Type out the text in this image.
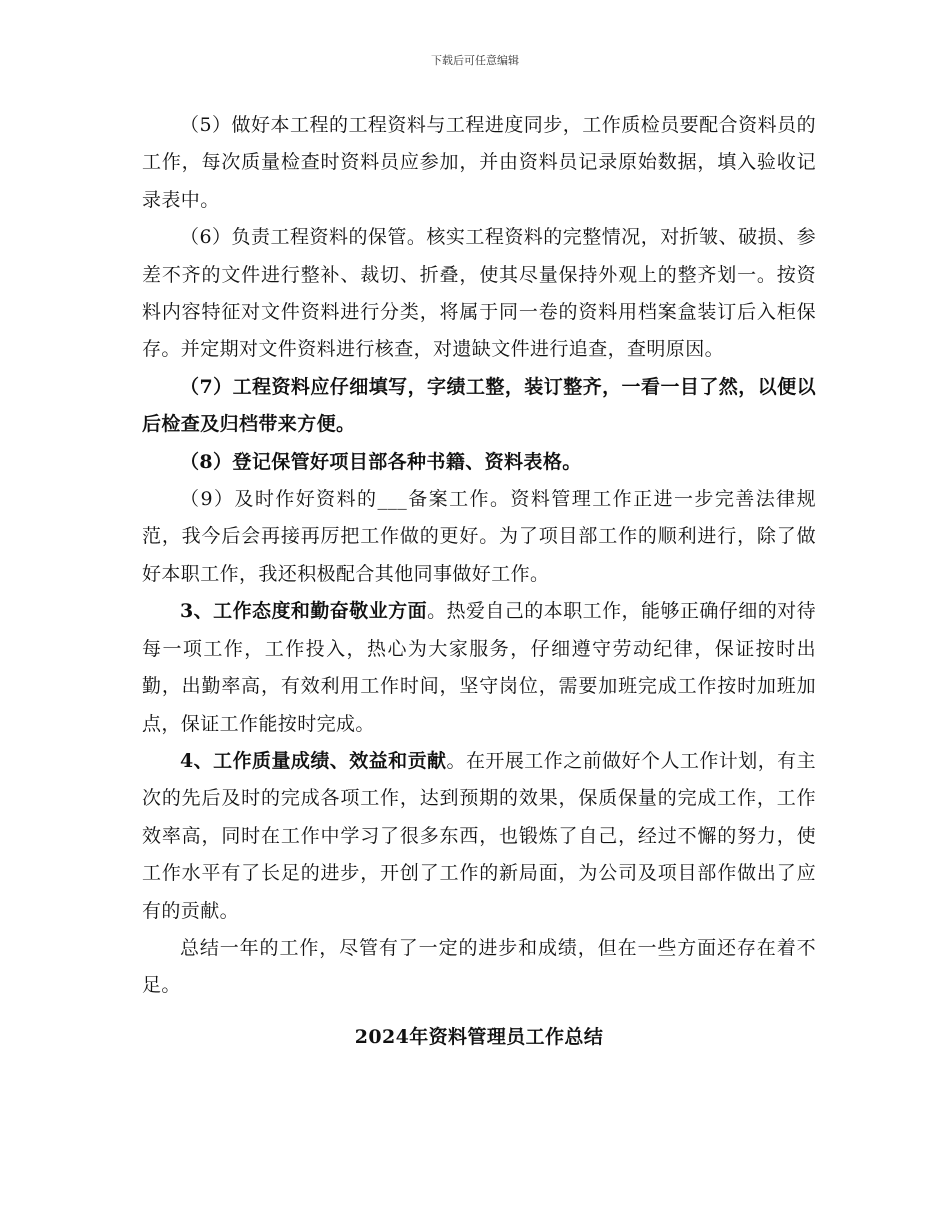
下载后可任意编辑

（5）做好本工程的工程资料与工程进度同步，工作质检员要配合资料员的工作，每次质量检查时资料员应参加，并由资料员记录原始数据，填入验收记录表中。

（6）负责工程资料的保管。核实工程资料的完整情况，对折皱、破损、参差不齐的文件进行整补、裁切、折叠，使其尽量保持外观上的整齐划一。按资料内容特征对文件资料进行分类，将属于同一卷的资料用档案盒装订后入柜保存。并定期对文件资料进行核查，对遗缺文件进行追查，查明原因。

（7）工程资料应仔细填写，字绩工整，装订整齐，一看一目了然，以便以后检查及归档带来方便。

（8）登记保管好项目部各种书籍、资料表格。

（9）及时作好资料的___备案工作。资料管理工作正进一步完善法律规范，我今后会再接再厉把工作做的更好。为了项目部工作的顺利进行，除了做好本职工作，我还积极配合其他同事做好工作。

3、工作态度和勤奋敬业方面。热爱自己的本职工作，能够正确仔细的对待每一项工作，工作投入，热心为大家服务，仔细遵守劳动纪律，保证按时出勤，出勤率高，有效利用工作时间，坚守岗位，需要加班完成工作按时加班加点，保证工作能按时完成。

4、工作质量成绩、效益和贡献。在开展工作之前做好个人工作计划，有主次的先后及时的完成各项工作，达到预期的效果，保质保量的完成工作，工作效率高，同时在工作中学习了很多东西，也锻炼了自己，经过不懈的努力，使工作水平有了长足的进步，开创了工作的新局面，为公司及项目部作做出了应有的贡献。

总结一年的工作，尽管有了一定的进步和成绩，但在一些方面还存在着不足。

2024年资料管理员工作总结
